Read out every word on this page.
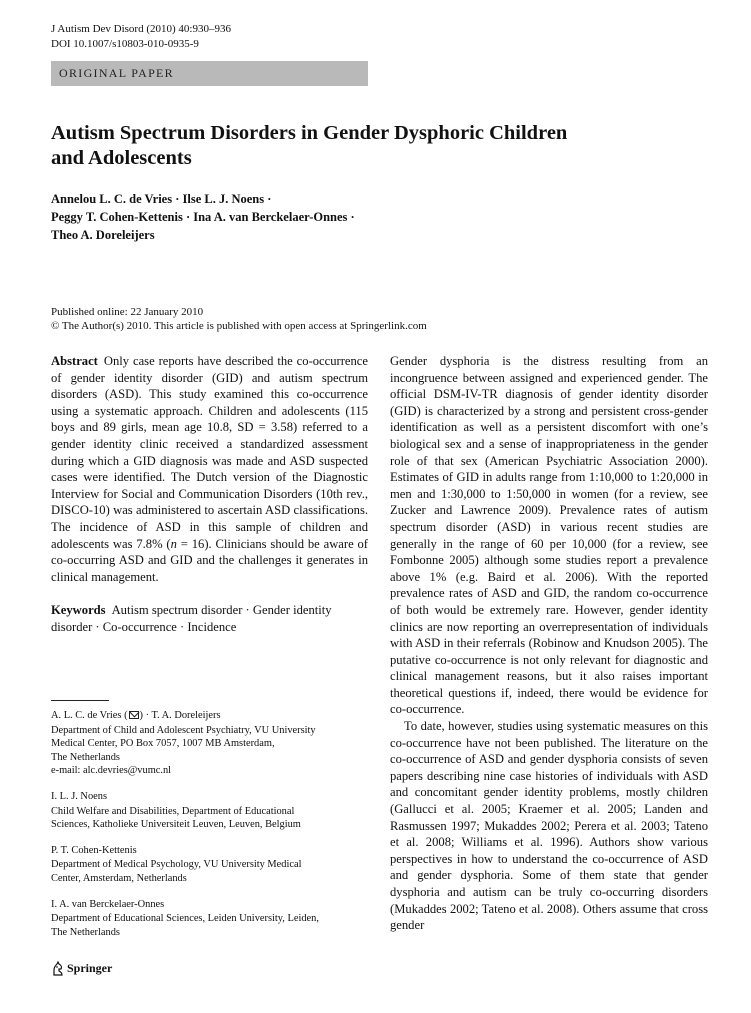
J Autism Dev Disord (2010) 40:930–936
DOI 10.1007/s10803-010-0935-9
ORIGINAL PAPER
Autism Spectrum Disorders in Gender Dysphoric Children
and Adolescents
Annelou L. C. de Vries · Ilse L. J. Noens ·
Peggy T. Cohen-Kettenis · Ina A. van Berckelaer-Onnes ·
Theo A. Doreleijers
Published online: 22 January 2010
© The Author(s) 2010. This article is published with open access at Springerlink.com

Abstract Only case reports have described the co-occurrence of gender identity disorder (GID) and autism spectrum disorders (ASD). This study examined this co-occurrence using a systematic approach. Children and adolescents (115 boys and 89 girls, mean age 10.8, SD = 3.58) referred to a gender identity clinic received a standardized assessment during which a GID diagnosis was made and ASD suspected cases were identified. The Dutch version of the Diagnostic Interview for Social and Communication Disorders (10th rev., DISCO-10) was administered to ascertain ASD classifications. The incidence of ASD in this sample of children and adolescents was 7.8% (n = 16). Clinicians should be aware of co-occurring ASD and GID and the challenges it generates in clinical management.

Keywords Autism spectrum disorder · Gender identity disorder · Co-occurrence · Incidence

A. L. C. de Vries ( ) · T. A. Doreleijers
Department of Child and Adolescent Psychiatry, VU University
Medical Center, PO Box 7057, 1007 MB Amsterdam,
The Netherlands
e-mail: alc.devries@vumc.nl
I. L. J. Noens
Child Welfare and Disabilities, Department of Educational
Sciences, Katholieke Universiteit Leuven, Leuven, Belgium
P. T. Cohen-Kettenis
Department of Medical Psychology, VU University Medical
Center, Amsterdam, Netherlands
I. A. van Berckelaer-Onnes
Department of Educational Sciences, Leiden University, Leiden,
The Netherlands

Gender dysphoria is the distress resulting from an incongruence between assigned and experienced gender. The official DSM-IV-TR diagnosis of gender identity disorder (GID) is characterized by a strong and persistent cross-gender identification as well as a persistent discomfort with one’s biological sex and a sense of inappropriateness in the gender role of that sex (American Psychiatric Association 2000). Estimates of GID in adults range from 1:10,000 to 1:20,000 in men and 1:30,000 to 1:50,000 in women (for a review, see Zucker and Lawrence 2009). Prevalence rates of autism spectrum disorder (ASD) in various recent studies are generally in the range of 60 per 10,000 (for a review, see Fombonne 2005) although some studies report a prevalence above 1% (e.g. Baird et al. 2006). With the reported prevalence rates of ASD and GID, the random co-occurrence of both would be extremely rare. However, gender identity clinics are now reporting an overrepresentation of individuals with ASD in their referrals (Robinow and Knudson 2005). The putative co-occurrence is not only relevant for diagnostic and clinical management reasons, but it also raises important theoretical questions if, indeed, there would be evidence for co-occurrence.

To date, however, studies using systematic measures on this co-occurrence have not been published. The literature on the co-occurrence of ASD and gender dysphoria consists of seven papers describing nine case histories of individuals with ASD and concomitant gender identity problems, mostly children (Gallucci et al. 2005; Kraemer et al. 2005; Landen and Rasmussen 1997; Mukaddes 2002; Perera et al. 2003; Tateno et al. 2008; Williams et al. 1996). Authors show various perspectives in how to understand the co-occurrence of ASD and gender dysphoria. Some of them state that gender dysphoria and autism can be truly co-occurring disorders (Mukaddes 2002; Tateno et al. 2008). Others assume that cross gender

Springer
